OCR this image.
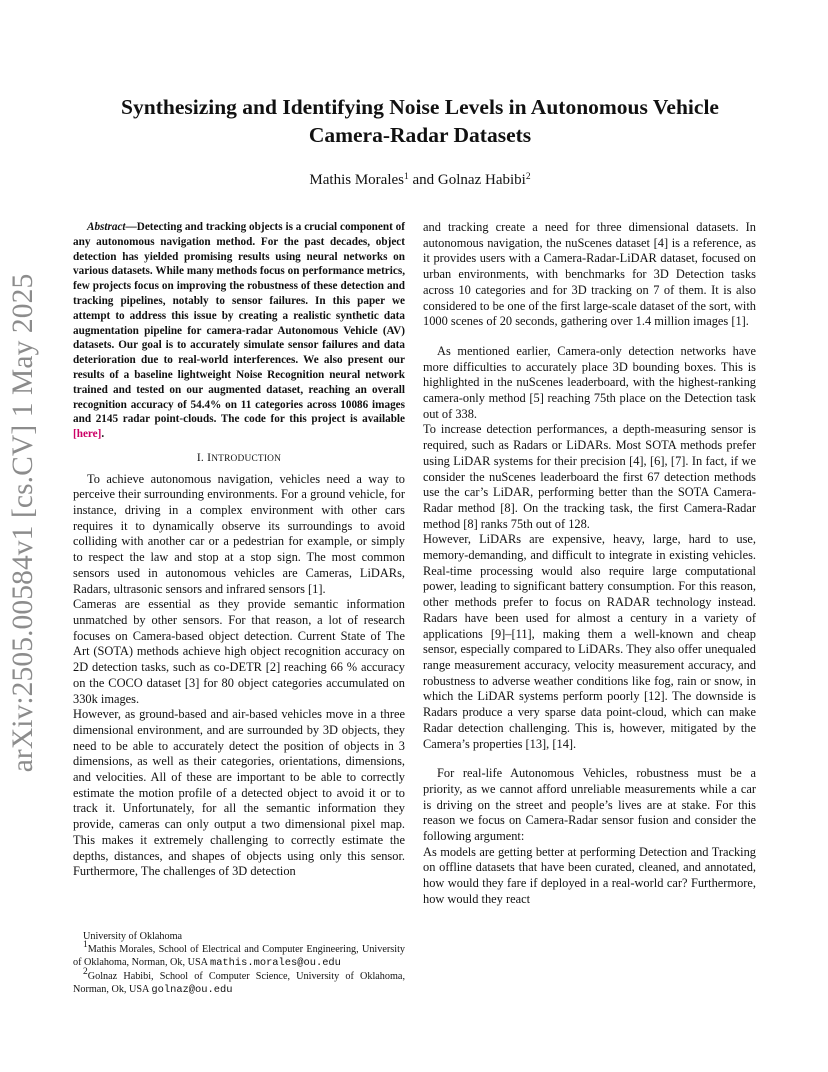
arXiv:2505.00584v1 [cs.CV] 1 May 2025
Synthesizing and Identifying Noise Levels in Autonomous Vehicle
Camera-Radar Datasets
Mathis Morales$^1$ and Golnaz Habibi$^2$

Abstract—Detecting and tracking objects is a crucial component of any autonomous navigation method. For the past decades, object detection has yielded promising results using neural networks on various datasets. While many methods focus on performance metrics, few projects focus on improving the robustness of these detection and tracking pipelines, notably to sensor failures. In this paper we attempt to address this issue by creating a realistic synthetic data augmentation pipeline for camera-radar Autonomous Vehicle (AV) datasets. Our goal is to accurately simulate sensor failures and data deterioration due to real-world interferences. We also present our results of a baseline lightweight Noise Recognition neural network trained and tested on our augmented dataset, reaching an overall recognition accuracy of 54.4% on 11 categories across 10086 images and 2145 radar point-clouds. The code for this project is available [here].

I. INTRODUCTION

To achieve autonomous navigation, vehicles need a way to perceive their surrounding environments. For a ground vehicle, for instance, driving in a complex environment with other cars requires it to dynamically observe its surroundings to avoid colliding with another car or a pedestrian for example, or simply to respect the law and stop at a stop sign. The most common sensors used in autonomous vehicles are Cameras, LiDARs, Radars, ultrasonic sensors and infrared sensors [1].

Cameras are essential as they provide semantic information unmatched by other sensors. For that reason, a lot of research focuses on Camera-based object detection. Current State of The Art (SOTA) methods achieve high object recognition accuracy on 2D detection tasks, such as co-DETR [2] reaching 66 % accuracy on the COCO dataset [3] for 80 object categories accumulated on 330k images.

However, as ground-based and air-based vehicles move in a three dimensional environment, and are surrounded by 3D objects, they need to be able to accurately detect the position of objects in 3 dimensions, as well as their categories, orientations, dimensions, and velocities. All of these are important to be able to correctly estimate the motion profile of a detected object to avoid it or to track it. Unfortunately, for all the semantic information they provide, cameras can only output a two dimensional pixel map. This makes it extremely challenging to correctly estimate the depths, distances, and shapes of objects using only this sensor. Furthermore, The challenges of 3D detection

University of Oklahoma

$^1$Mathis Morales, School of Electrical and Computer Engineering, University of Oklahoma, Norman, Ok, USA mathis.morales@ou.edu

$^2$Golnaz Habibi, School of Computer Science, University of Oklahoma, Norman, Ok, USA golnaz@ou.edu

and tracking create a need for three dimensional datasets. In autonomous navigation, the nuScenes dataset [4] is a reference, as it provides users with a Camera-Radar-LiDAR dataset, focused on urban environments, with benchmarks for 3D Detection tasks across 10 categories and for 3D tracking on 7 of them. It is also considered to be one of the first large-scale dataset of the sort, with 1000 scenes of 20 seconds, gathering over 1.4 million images [1].

As mentioned earlier, Camera-only detection networks have more difficulties to accurately place 3D bounding boxes. This is highlighted in the nuScenes leaderboard, with the highest-ranking camera-only method [5] reaching 75th place on the Detection task out of 338.

To increase detection performances, a depth-measuring sensor is required, such as Radars or LiDARs. Most SOTA methods prefer using LiDAR systems for their precision [4], [6], [7]. In fact, if we consider the nuScenes leaderboard the first 67 detection methods use the car’s LiDAR, performing better than the SOTA Camera-Radar method [8]. On the tracking task, the first Camera-Radar method [8] ranks 75th out of 128.

However, LiDARs are expensive, heavy, large, hard to use, memory-demanding, and difficult to integrate in existing vehicles. Real-time processing would also require large computational power, leading to significant battery consumption. For this reason, other methods prefer to focus on RADAR technology instead. Radars have been used for almost a century in a variety of applications [9]–[11], making them a well-known and cheap sensor, especially compared to LiDARs. They also offer unequaled range measurement accuracy, velocity measurement accuracy, and robustness to adverse weather conditions like fog, rain or snow, in which the LiDAR systems perform poorly [12]. The downside is Radars produce a very sparse data point-cloud, which can make Radar detection challenging. This is, however, mitigated by the Camera’s properties [13], [14].

For real-life Autonomous Vehicles, robustness must be a priority, as we cannot afford unreliable measurements while a car is driving on the street and people’s lives are at stake. For this reason we focus on Camera-Radar sensor fusion and consider the following argument:

As models are getting better at performing Detection and Tracking on offline datasets that have been curated, cleaned, and annotated, how would they fare if deployed in a real-world car? Furthermore, how would they react
